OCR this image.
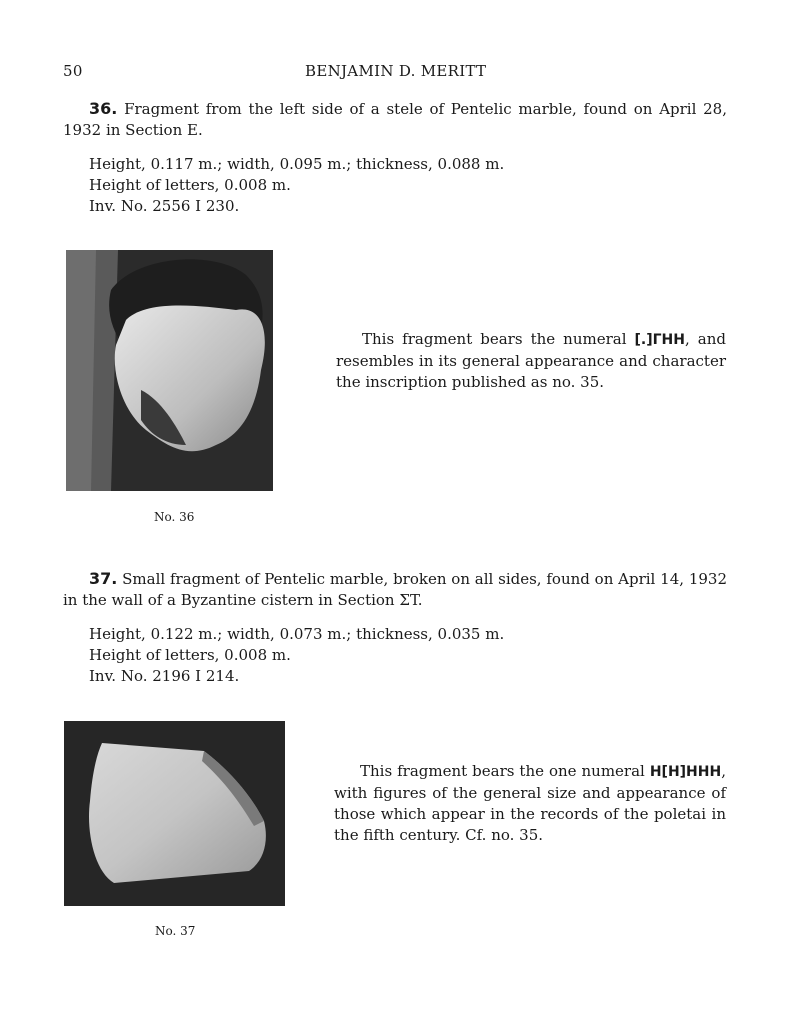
50	BENJAMIN D. MERITT
36. Fragment from the left side of a stele of Pentelic marble, found on April 28, 1932 in Section E.
Height, 0.117 m.; width, 0.095 m.; thickness, 0.088 m.
Height of letters, 0.008 m.
Inv. No. 2556 I 230.
No. 36
This fragment bears the numeral [.]ΓHH, and resembles in its general appearance and character the inscription published as no. 35.
37. Small fragment of Pentelic marble, broken on all sides, found on April 14, 1932 in the wall of a Byzantine cistern in Section ΣT.
Height, 0.122 m.; width, 0.073 m.; thickness, 0.035 m.
Height of letters, 0.008 m.
Inv. No. 2196 I 214.
No. 37
This fragment bears the one numeral H[H]HHH, with figures of the general size and appearance of those which appear in the records of the poletai in the fifth century. Cf. no. 35.
